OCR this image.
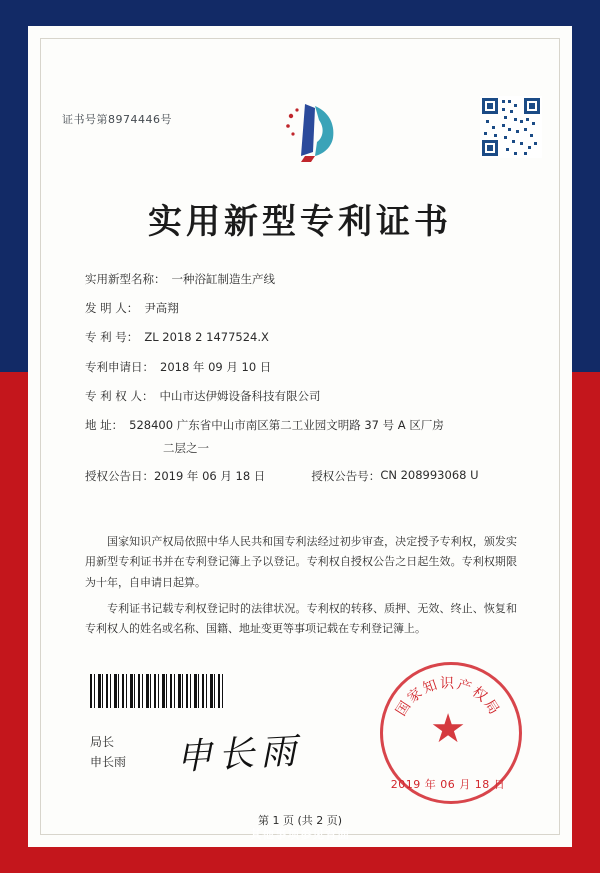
证书号第8974446号
实用新型专利证书
实用新型名称： 一种浴缸制造生产线
发 明 人： 尹高翔
专 利 号： ZL 2018 2 1477524.X
专利申请日： 2018 年 09 月 10 日
专 利 权 人： 中山市达伊姆设备科技有限公司
地 址： 528400 广东省中山市南区第二工业园文明路 37 号 A 区厂房
二层之一
授权公告日： 2019 年 06 月 18 日	授权公告号： CN 208993068 U

国家知识产权局依照中华人民共和国专利法经过初步审查，决定授予专利权，颁发实用新型专利证书并在专利登记簿上予以登记。专利权自授权公告之日起生效。专利权期限为十年，自申请日起算。

专利证书记载专利权登记时的法律状况。专利权的转移、质押、无效、终止、恢复和专利权人的姓名或名称、国籍、地址变更等事项记载在专利登记簿上。

局长
申长雨 申长雨
国家知识产权局
★
2019 年 06 月 18 日
第 1 页 (共 2 页)
其他事项参见背面
